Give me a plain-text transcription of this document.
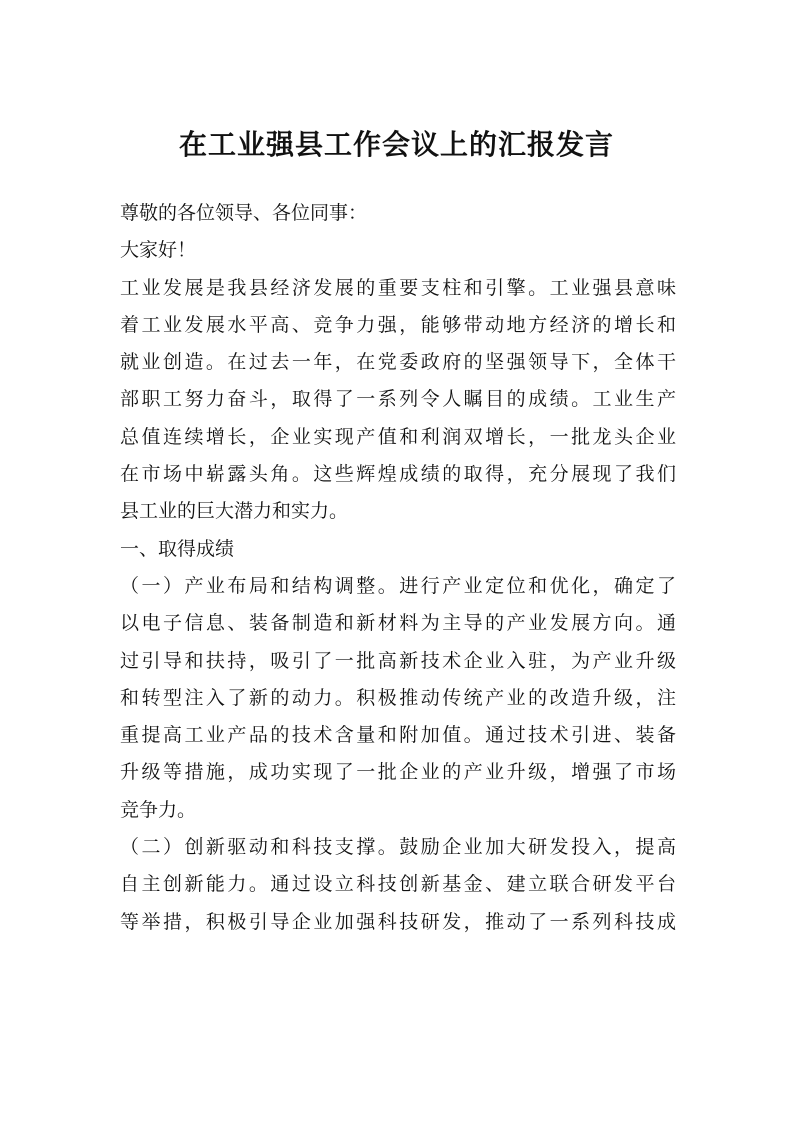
在工业强县工作会议上的汇报发言
尊敬的各位领导、各位同事：
大家好！
工业发展是我县经济发展的重要支柱和引擎。工业强县意味
着工业发展水平高、竞争力强，能够带动地方经济的增长和
就业创造。在过去一年，在党委政府的坚强领导下，全体干
部职工努力奋斗，取得了一系列令人瞩目的成绩。工业生产
总值连续增长，企业实现产值和利润双增长，一批龙头企业
在市场中崭露头角。这些辉煌成绩的取得，充分展现了我们
县工业的巨大潜力和实力。
一、取得成绩
（一）产业布局和结构调整。进行产业定位和优化，确定了
以电子信息、装备制造和新材料为主导的产业发展方向。通
过引导和扶持，吸引了一批高新技术企业入驻，为产业升级
和转型注入了新的动力。积极推动传统产业的改造升级，注
重提高工业产品的技术含量和附加值。通过技术引进、装备
升级等措施，成功实现了一批企业的产业升级，增强了市场
竞争力。
（二）创新驱动和科技支撑。鼓励企业加大研发投入，提高
自主创新能力。通过设立科技创新基金、建立联合研发平台
等举措，积极引导企业加强科技研发，推动了一系列科技成
